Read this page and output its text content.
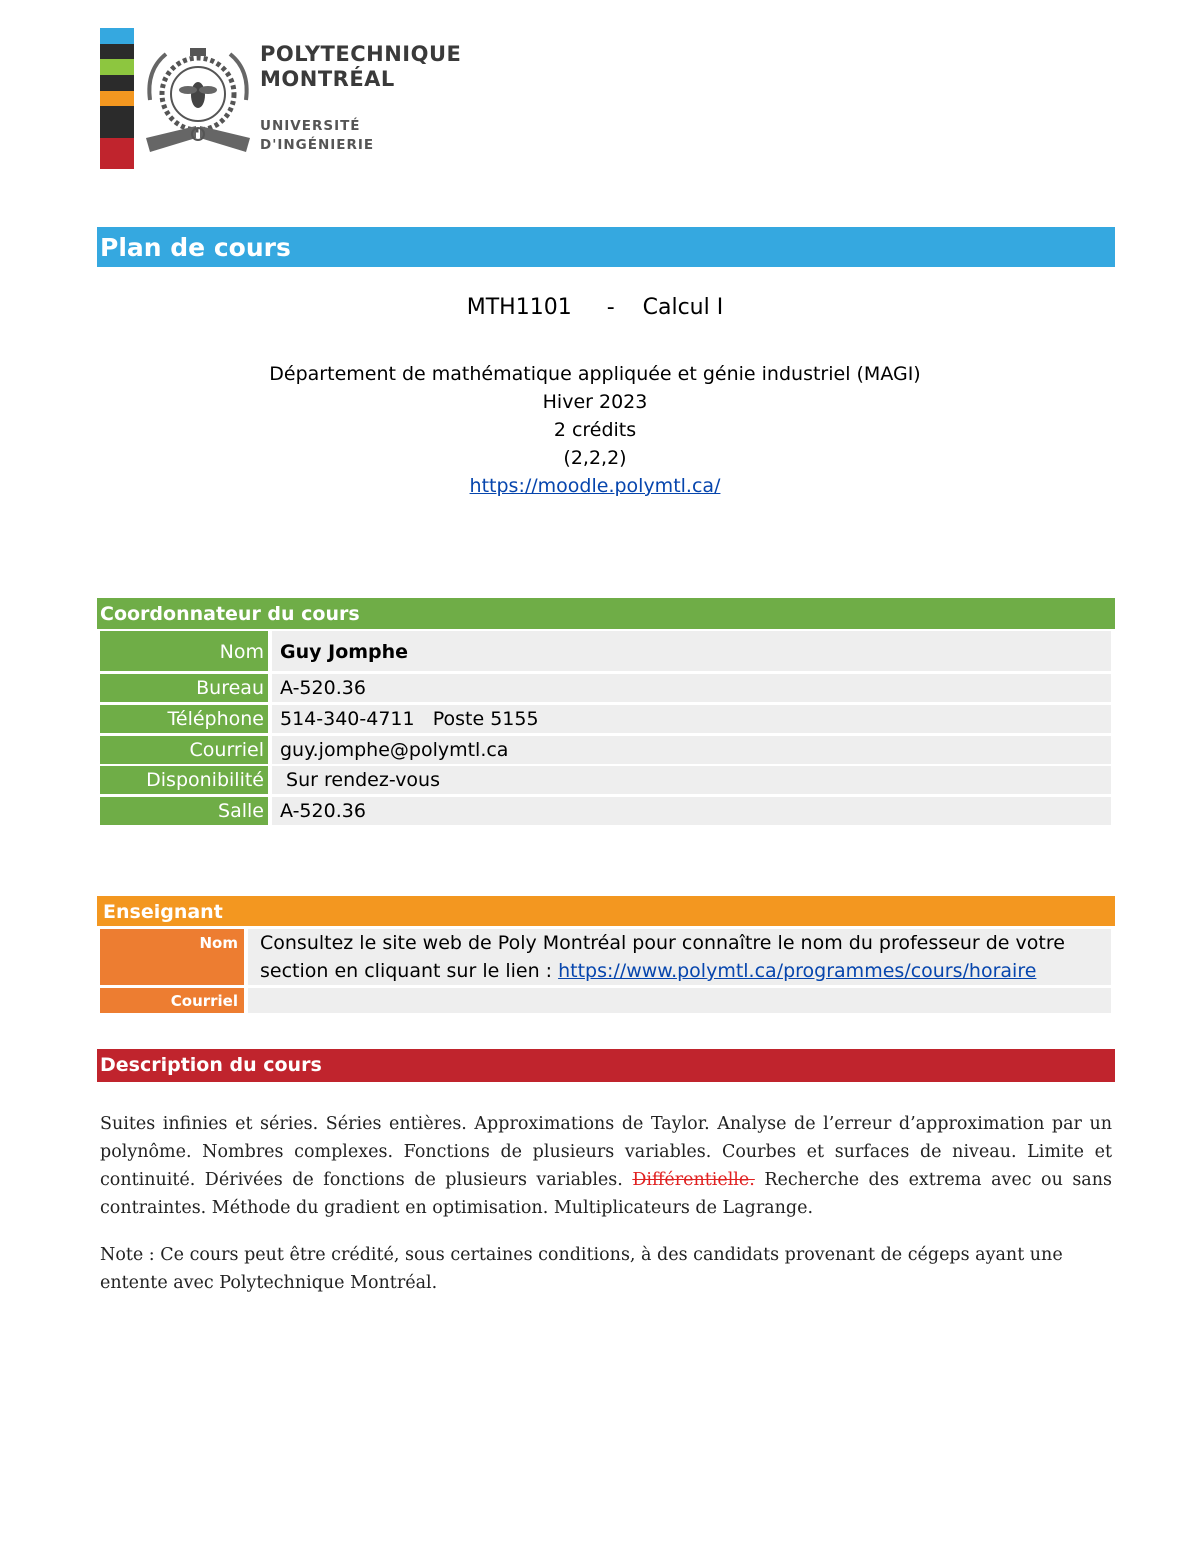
POLYTECHNIQUE
MONTRÉAL
UNIVERSITÉ
D'INGÉNIERIE
Plan de cours
MTH1101 - Calcul I
Département de mathématique appliquée et génie industriel (MAGI)
Hiver 2023
2 crédits
(2,2,2)
https://moodle.polymtl.ca/
Coordonnateur du cours
Nom Guy Jomphe
Bureau A-520.36
Téléphone 514-340-4711   Poste 5155
Courriel guy.jomphe@polymtl.ca
Disponibilité Sur rendez-vous
Salle A-520.36
Enseignant
Nom	Consultez le site web de Poly Montréal pour connaître le nom du professeur de votre section en cliquant sur le lien : https://www.polymtl.ca/programmes/cours/horaire
Courriel
Description du cours
Suites infinies et séries. Séries entières. Approximations de Taylor. Analyse de l’erreur d’approximation par un polynôme. Nombres complexes. Fonctions de plusieurs variables. Courbes et surfaces de niveau. Limite et continuité. Dérivées de fonctions de plusieurs variables. Différentielle. Recherche des extrema avec ou sans contraintes. Méthode du gradient en optimisation. Multiplicateurs de Lagrange.
Note : Ce cours peut être crédité, sous certaines conditions, à des candidats provenant de cégeps ayant une entente avec Polytechnique Montréal.
